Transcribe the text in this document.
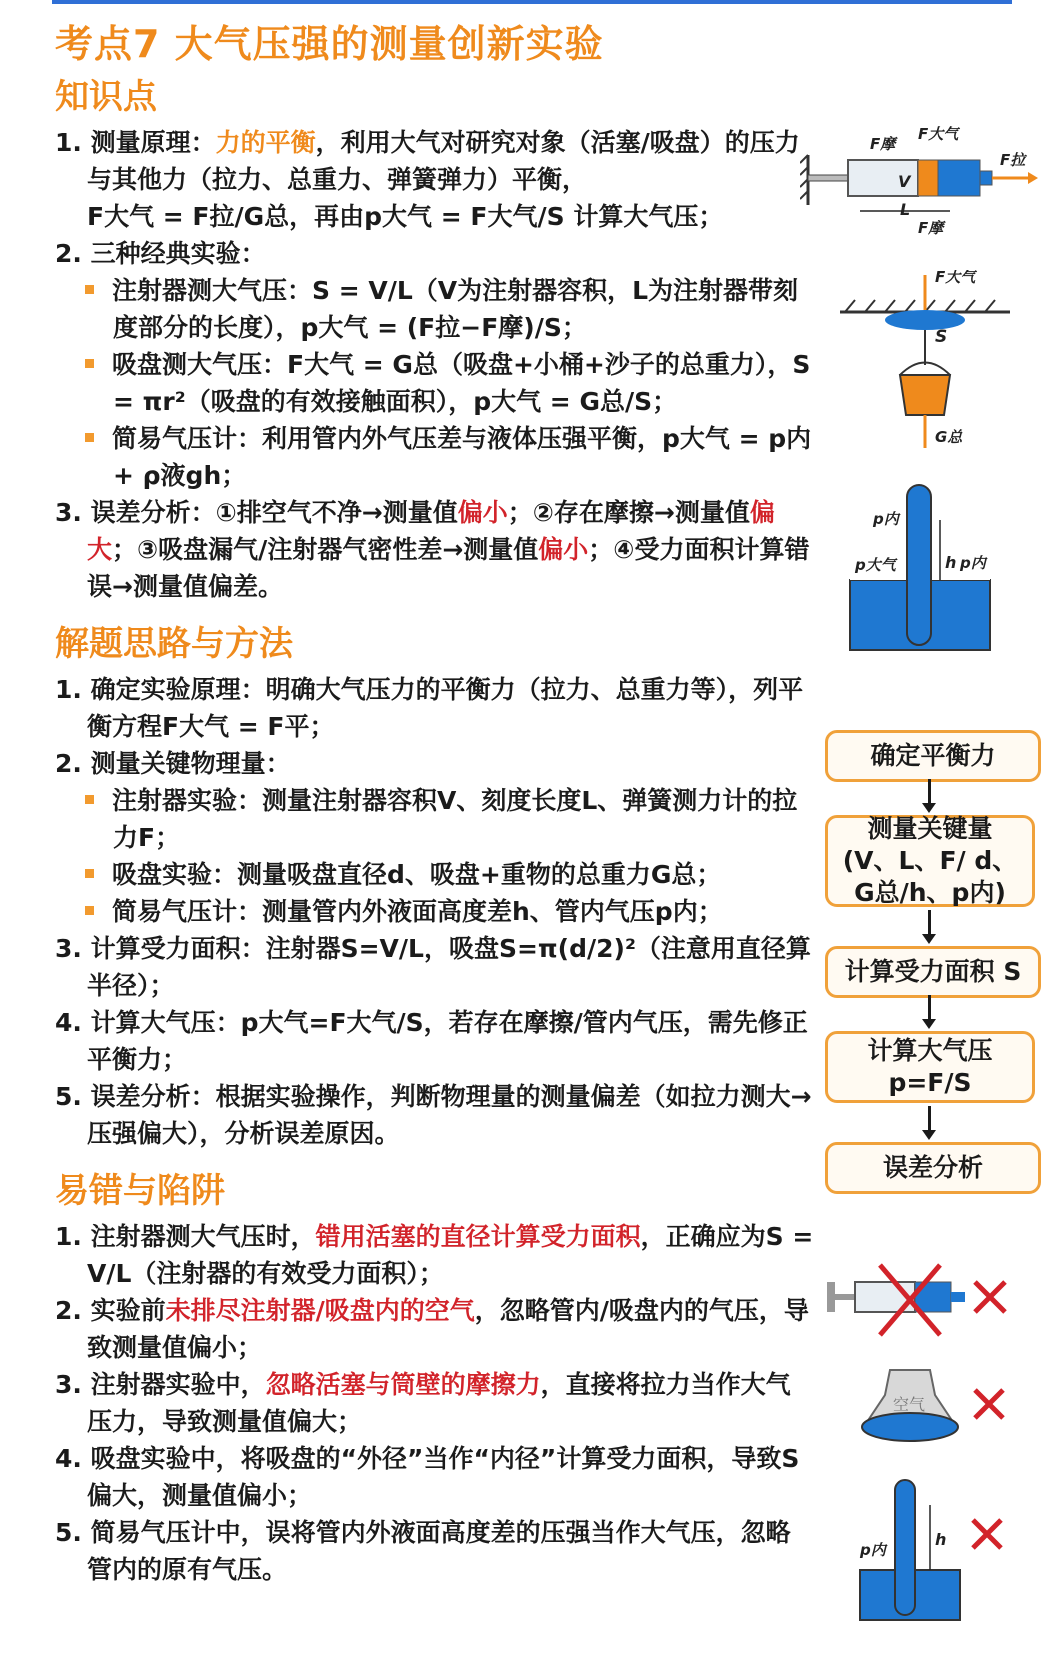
考点7 大气压强的测量创新实验
知识点
1. 测量原理：力的平衡，利用大气对研究对象（活塞/吸盘）的压力与其他力（拉力、总重力、弹簧弹力）平衡，
F大气 = F拉/G总，再由p大气 = F大气/S 计算大气压；
2. 三种经典实验：
注射器测大气压：S = V/L（V为注射器容积，L为注射器带刻度部分的长度），p大气 = (F拉−F摩)/S；
吸盘测大气压：F大气 = G总（吸盘+小桶+沙子的总重力），S = πr²（吸盘的有效接触面积），p大气 = G总/S；
简易气压计：利用管内外气压差与液体压强平衡，p大气 = p内 + ρ液gh；
3. 误差分析：①排空气不净→测量值偏小；②存在摩擦→测量值偏大；③吸盘漏气/注射器气密性差→测量值偏小；④受力面积计算错误→测量值偏差。
解题思路与方法
1. 确定实验原理：明确大气压力的平衡力（拉力、总重力等），列平衡方程F大气 = F平；
2. 测量关键物理量：
注射器实验：测量注射器容积V、刻度长度L、弹簧测力计的拉力F；
吸盘实验：测量吸盘直径d、吸盘+重物的总重力G总；
简易气压计：测量管内外液面高度差h、管内气压p内；
3. 计算受力面积：注射器S=V/L，吸盘S=π(d/2)²（注意用直径算半径）；
4. 计算大气压：p大气=F大气/S，若存在摩擦/管内气压，需先修正平衡力；
5. 误差分析：根据实验操作，判断物理量的测量偏差（如拉力测大→压强偏大），分析误差原因。
易错与陷阱
1. 注射器测大气压时，错用活塞的直径计算受力面积，正确应为S = V/L（注射器的有效受力面积）；
2. 实验前未排尽注射器/吸盘内的空气，忽略管内/吸盘内的气压，导致测量值偏小；
3. 注射器实验中，忽略活塞与筒壁的摩擦力，直接将拉力当作大气压力，导致测量值偏大；
4. 吸盘实验中，将吸盘的“外径”当作“内径”计算受力面积，导致S偏大，测量值偏小；
5. 简易气压计中，误将管内外液面高度差的压强当作大气压，忽略管内的原有气压。
V
F摩
F大气
F拉
L
F摩
F大气
S
G总
p内
p大气	h p内
确定平衡力
测量关键量 (V、L、F/ d、G总/h、p内)
计算受力面积 S
计算大气压 p=F/S
误差分析
空气
p内
h
